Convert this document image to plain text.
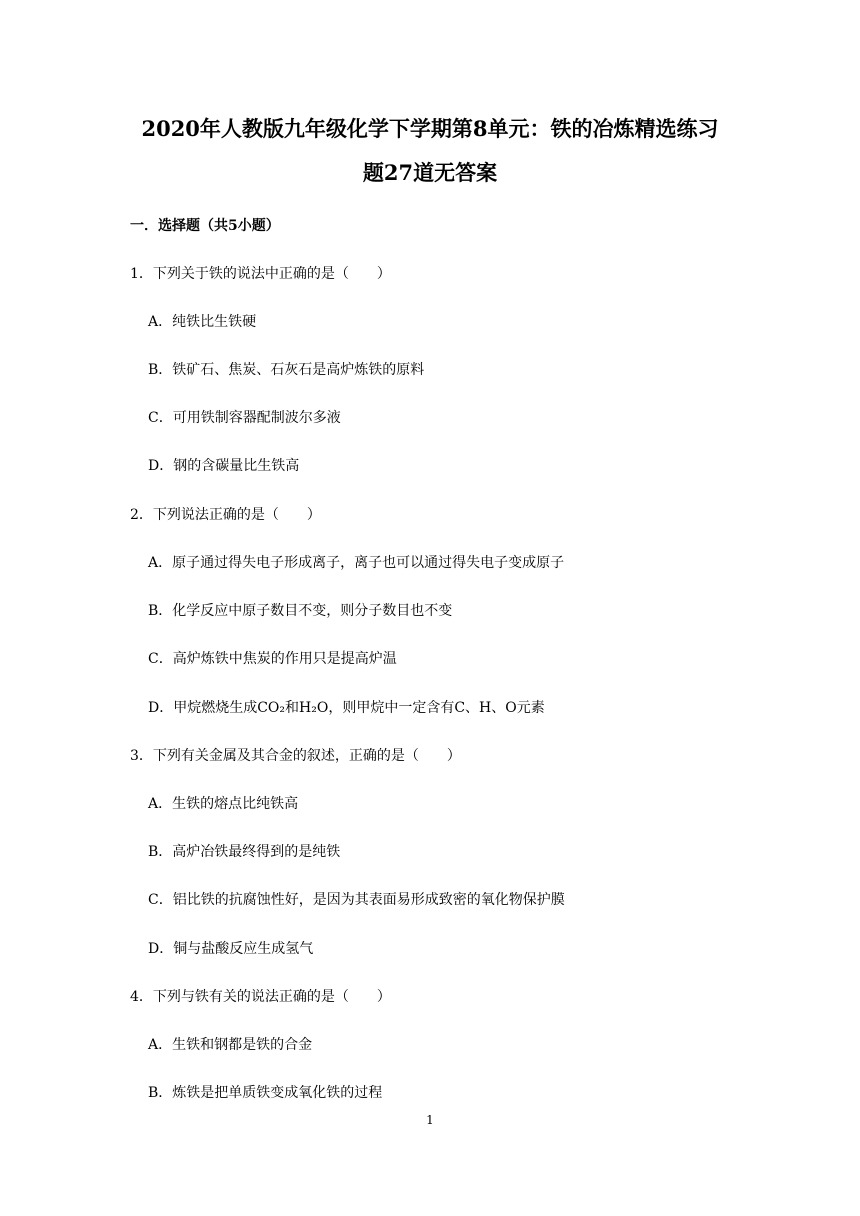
2020年人教版九年级化学下学期第8单元：铁的冶炼精选练习
题27道无答案
一．选择题（共5小题）
1．下列关于铁的说法中正确的是（　　）
A．纯铁比生铁硬
B．铁矿石、焦炭、石灰石是高炉炼铁的原料
C．可用铁制容器配制波尔多液
D．钢的含碳量比生铁高
2．下列说法正确的是（　　）
A．原子通过得失电子形成离子，离子也可以通过得失电子变成原子
B．化学反应中原子数目不变，则分子数目也不变
C．高炉炼铁中焦炭的作用只是提高炉温
D．甲烷燃烧生成CO₂和H₂O，则甲烷中一定含有C、H、O元素
3．下列有关金属及其合金的叙述，正确的是（　　）
A．生铁的熔点比纯铁高
B．高炉冶铁最终得到的是纯铁
C．铝比铁的抗腐蚀性好，是因为其表面易形成致密的氧化物保护膜
D．铜与盐酸反应生成氢气
4．下列与铁有关的说法正确的是（　　）
A．生铁和钢都是铁的合金
B．炼铁是把单质铁变成氧化铁的过程
1
